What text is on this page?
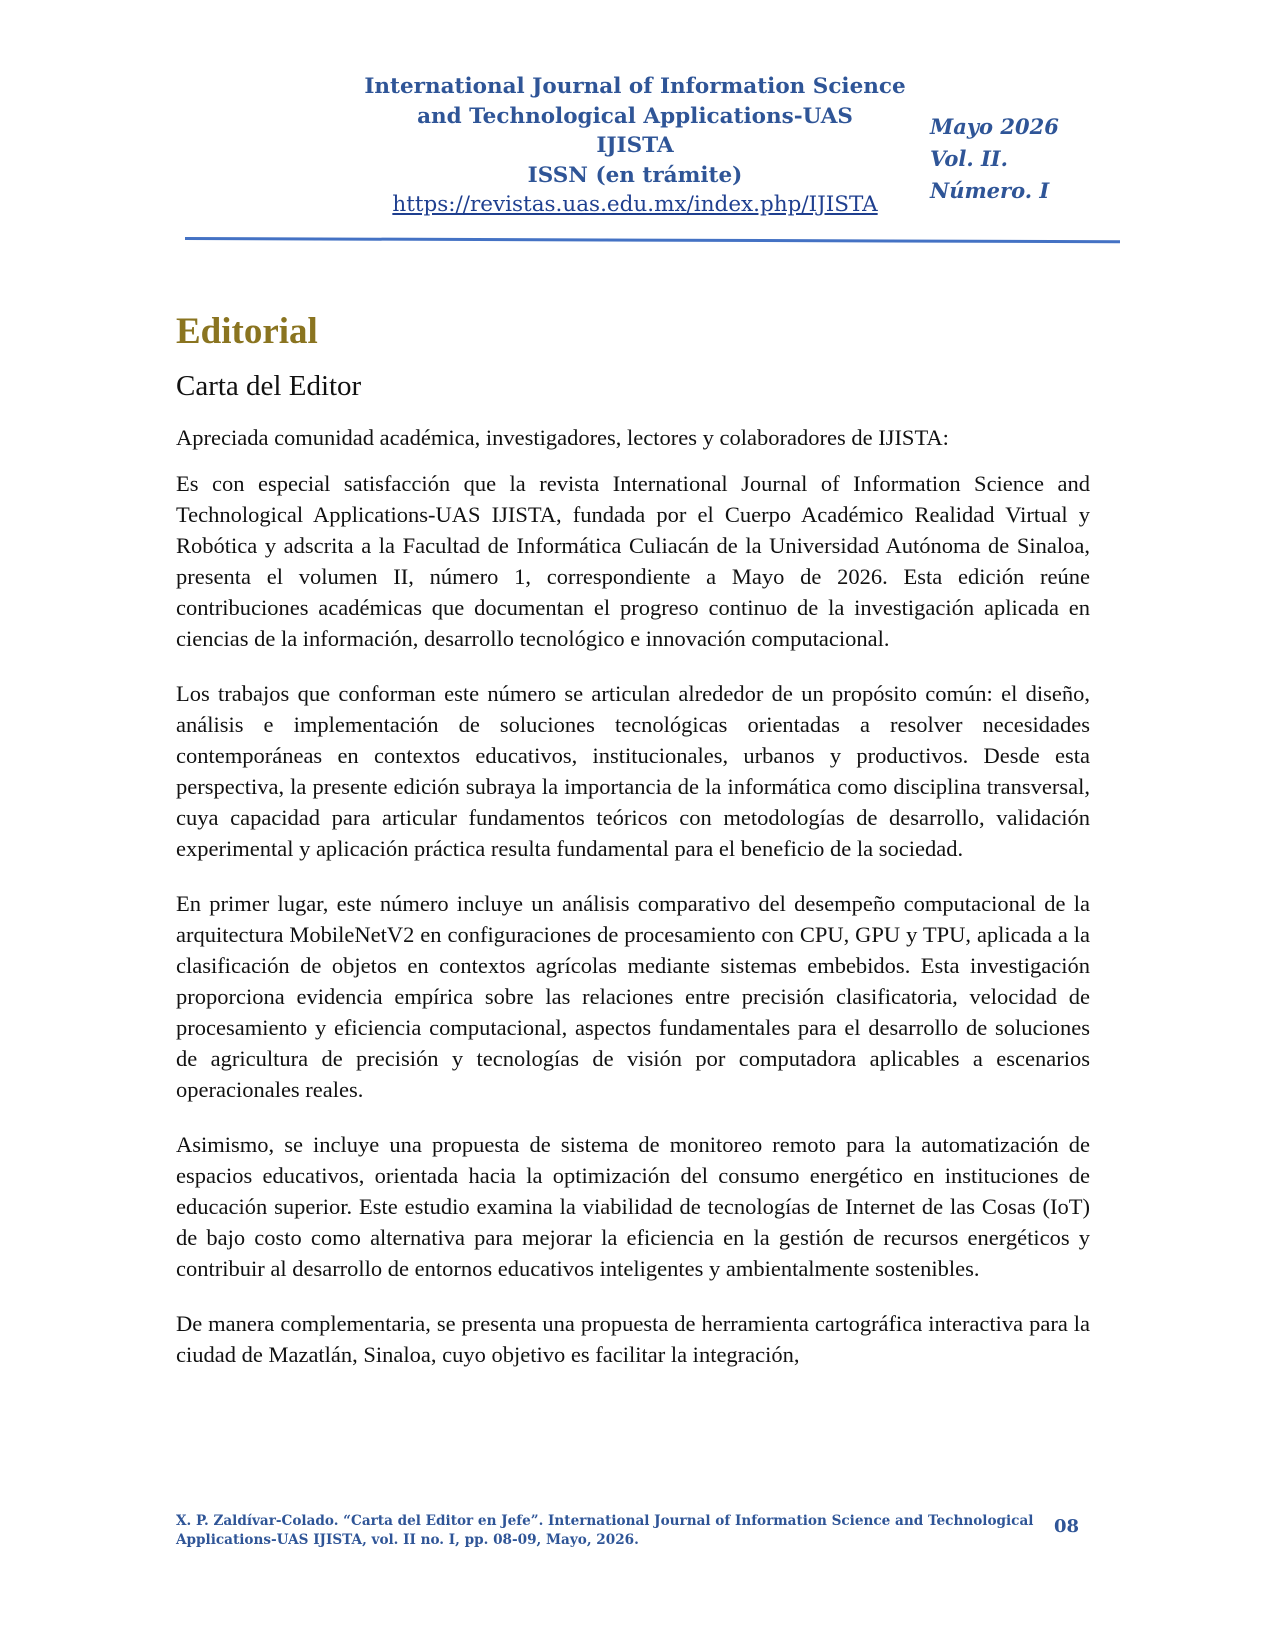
International Journal of Information Science
and Technological Applications-UAS
IJISTA
ISSN (en trámite)
https://revistas.uas.edu.mx/index.php/IJISTA
Mayo 2026
Vol. II.
Número. I
Editorial
Carta del Editor

Apreciada comunidad académica, investigadores, lectores y colaboradores de IJISTA:

Es con especial satisfacción que la revista International Journal of Information Science and Technological Applications-UAS IJISTA, fundada por el Cuerpo Académico Realidad Virtual y Robótica y adscrita a la Facultad de Informática Culiacán de la Universidad Autónoma de Sinaloa, presenta el volumen II, número 1, correspondiente a Mayo de 2026. Esta edición reúne contribuciones académicas que documentan el progreso continuo de la investigación aplicada en ciencias de la información, desarrollo tecnológico e innovación computacional.

Los trabajos que conforman este número se articulan alrededor de un propósito común: el diseño, análisis e implementación de soluciones tecnológicas orientadas a resolver necesidades contemporáneas en contextos educativos, institucionales, urbanos y productivos. Desde esta perspectiva, la presente edición subraya la importancia de la informática como disciplina transversal, cuya capacidad para articular fundamentos teóricos con metodologías de desarrollo, validación experimental y aplicación práctica resulta fundamental para el beneficio de la sociedad.

En primer lugar, este número incluye un análisis comparativo del desempeño computacional de la arquitectura MobileNetV2 en configuraciones de procesamiento con CPU, GPU y TPU, aplicada a la clasificación de objetos en contextos agrícolas mediante sistemas embebidos. Esta investigación proporciona evidencia empírica sobre las relaciones entre precisión clasificatoria, velocidad de procesamiento y eficiencia computacional, aspectos fundamentales para el desarrollo de soluciones de agricultura de precisión y tecnologías de visión por computadora aplicables a escenarios operacionales reales.

Asimismo, se incluye una propuesta de sistema de monitoreo remoto para la automatización de espacios educativos, orientada hacia la optimización del consumo energético en instituciones de educación superior. Este estudio examina la viabilidad de tecnologías de Internet de las Cosas (IoT) de bajo costo como alternativa para mejorar la eficiencia en la gestión de recursos energéticos y contribuir al desarrollo de entornos educativos inteligentes y ambientalmente sostenibles.

De manera complementaria, se presenta una propuesta de herramienta cartográfica interactiva para la ciudad de Mazatlán, Sinaloa, cuyo objetivo es facilitar la integración,

X. P. Zaldívar-Colado. “Carta del Editor en Jefe”. International Journal of Information Science and Technological Applications-UAS IJISTA, vol. II no. I, pp. 08-09, Mayo, 2026.
08
